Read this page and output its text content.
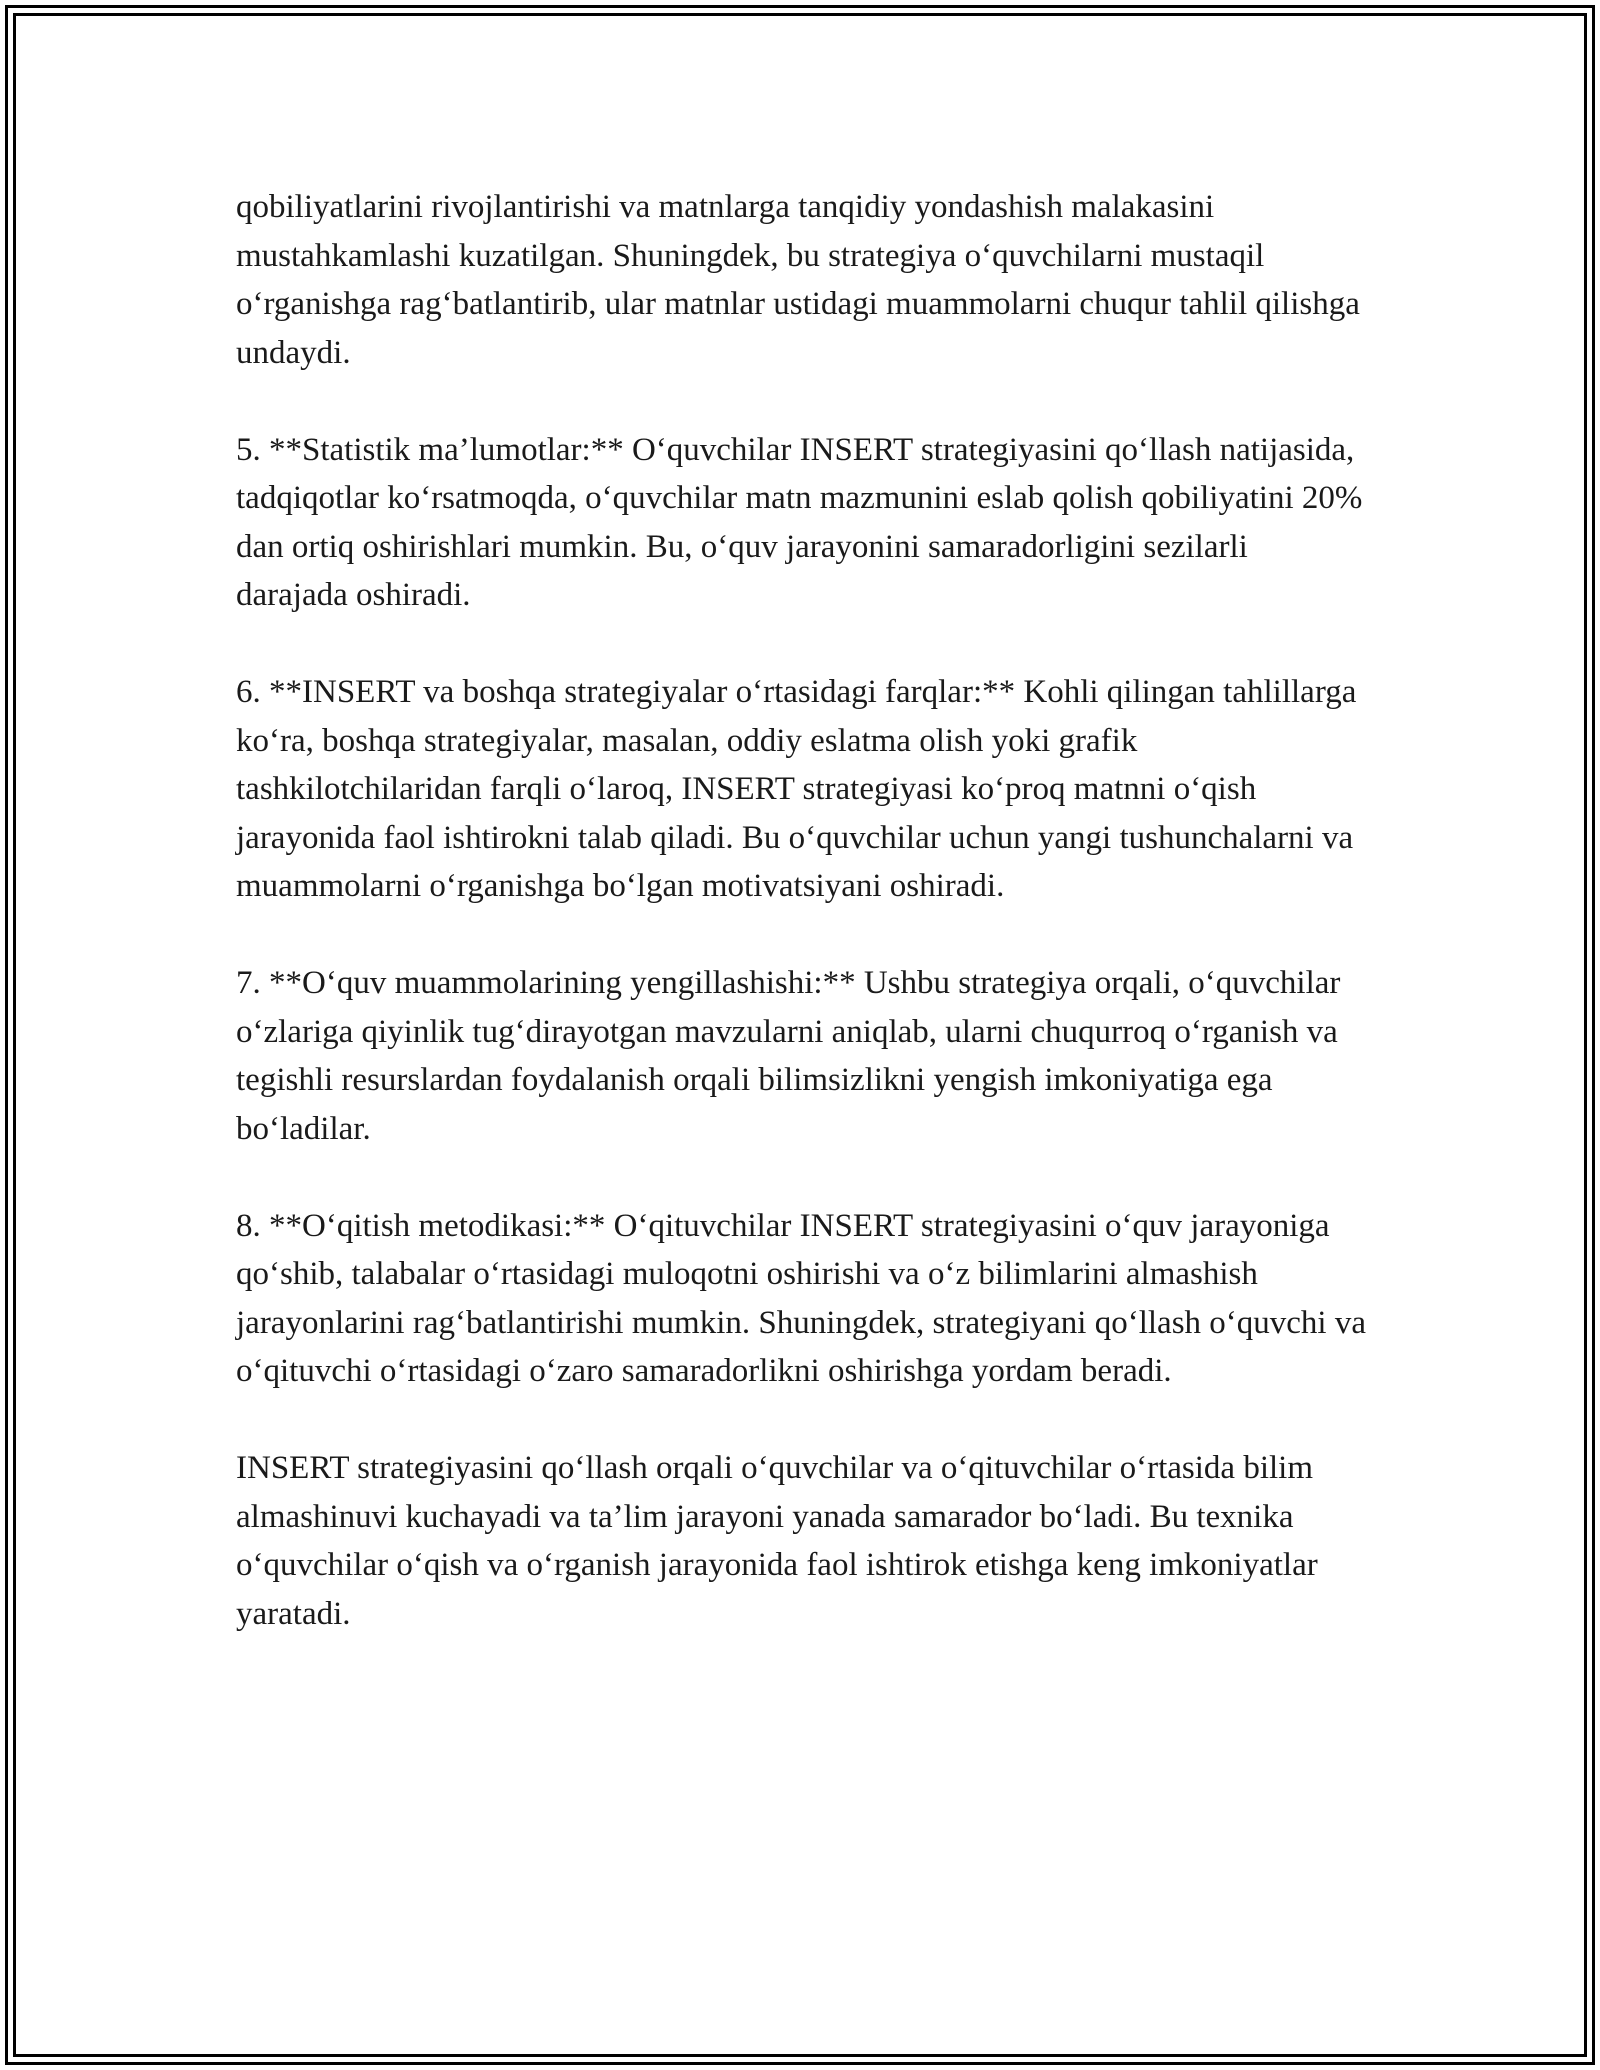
qobiliyatlarini rivojlantirishi va matnlarga tanqidiy yondashish malakasini mustahkamlashi kuzatilgan. Shuningdek, bu strategiya o‘quvchilarni mustaqil o‘rganishga rag‘batlantirib, ular matnlar ustidagi muammolarni chuqur tahlil qilishga undaydi.

5. **Statistik ma’lumotlar:** O‘quvchilar INSERT strategiyasini qo‘llash natijasida, tadqiqotlar ko‘rsatmoqda, o‘quvchilar matn mazmunini eslab qolish qobiliyatini 20% dan ortiq oshirishlari mumkin. Bu, o‘quv jarayonini samaradorligini sezilarli darajada oshiradi.

6. **INSERT va boshqa strategiyalar o‘rtasidagi farqlar:** Kohli qilingan tahlillarga ko‘ra, boshqa strategiyalar, masalan, oddiy eslatma olish yoki grafik tashkilotchilaridan farqli o‘laroq, INSERT strategiyasi ko‘proq matnni o‘qish jarayonida faol ishtirokni talab qiladi. Bu o‘quvchilar uchun yangi tushunchalarni va muammolarni o‘rganishga bo‘lgan motivatsiyani oshiradi.

7. **O‘quv muammolarining yengillashishi:** Ushbu strategiya orqali, o‘quvchilar o‘zlariga qiyinlik tug‘dirayotgan mavzularni aniqlab, ularni chuqurroq o‘rganish va tegishli resurslardan foydalanish orqali bilimsizlikni yengish imkoniyatiga ega bo‘ladilar.

8. **O‘qitish metodikasi:** O‘qituvchilar INSERT strategiyasini o‘quv jarayoniga qo‘shib, talabalar o‘rtasidagi muloqotni oshirishi va o‘z bilimlarini almashish jarayonlarini rag‘batlantirishi mumkin. Shuningdek, strategiyani qo‘llash o‘quvchi va o‘qituvchi o‘rtasidagi o‘zaro samaradorlikni oshirishga yordam beradi.

INSERT strategiyasini qo‘llash orqali o‘quvchilar va o‘qituvchilar o‘rtasida bilim almashinuvi kuchayadi va ta’lim jarayoni yanada samarador bo‘ladi. Bu texnika o‘quvchilar o‘qish va o‘rganish jarayonida faol ishtirok etishga keng imkoniyatlar yaratadi.
